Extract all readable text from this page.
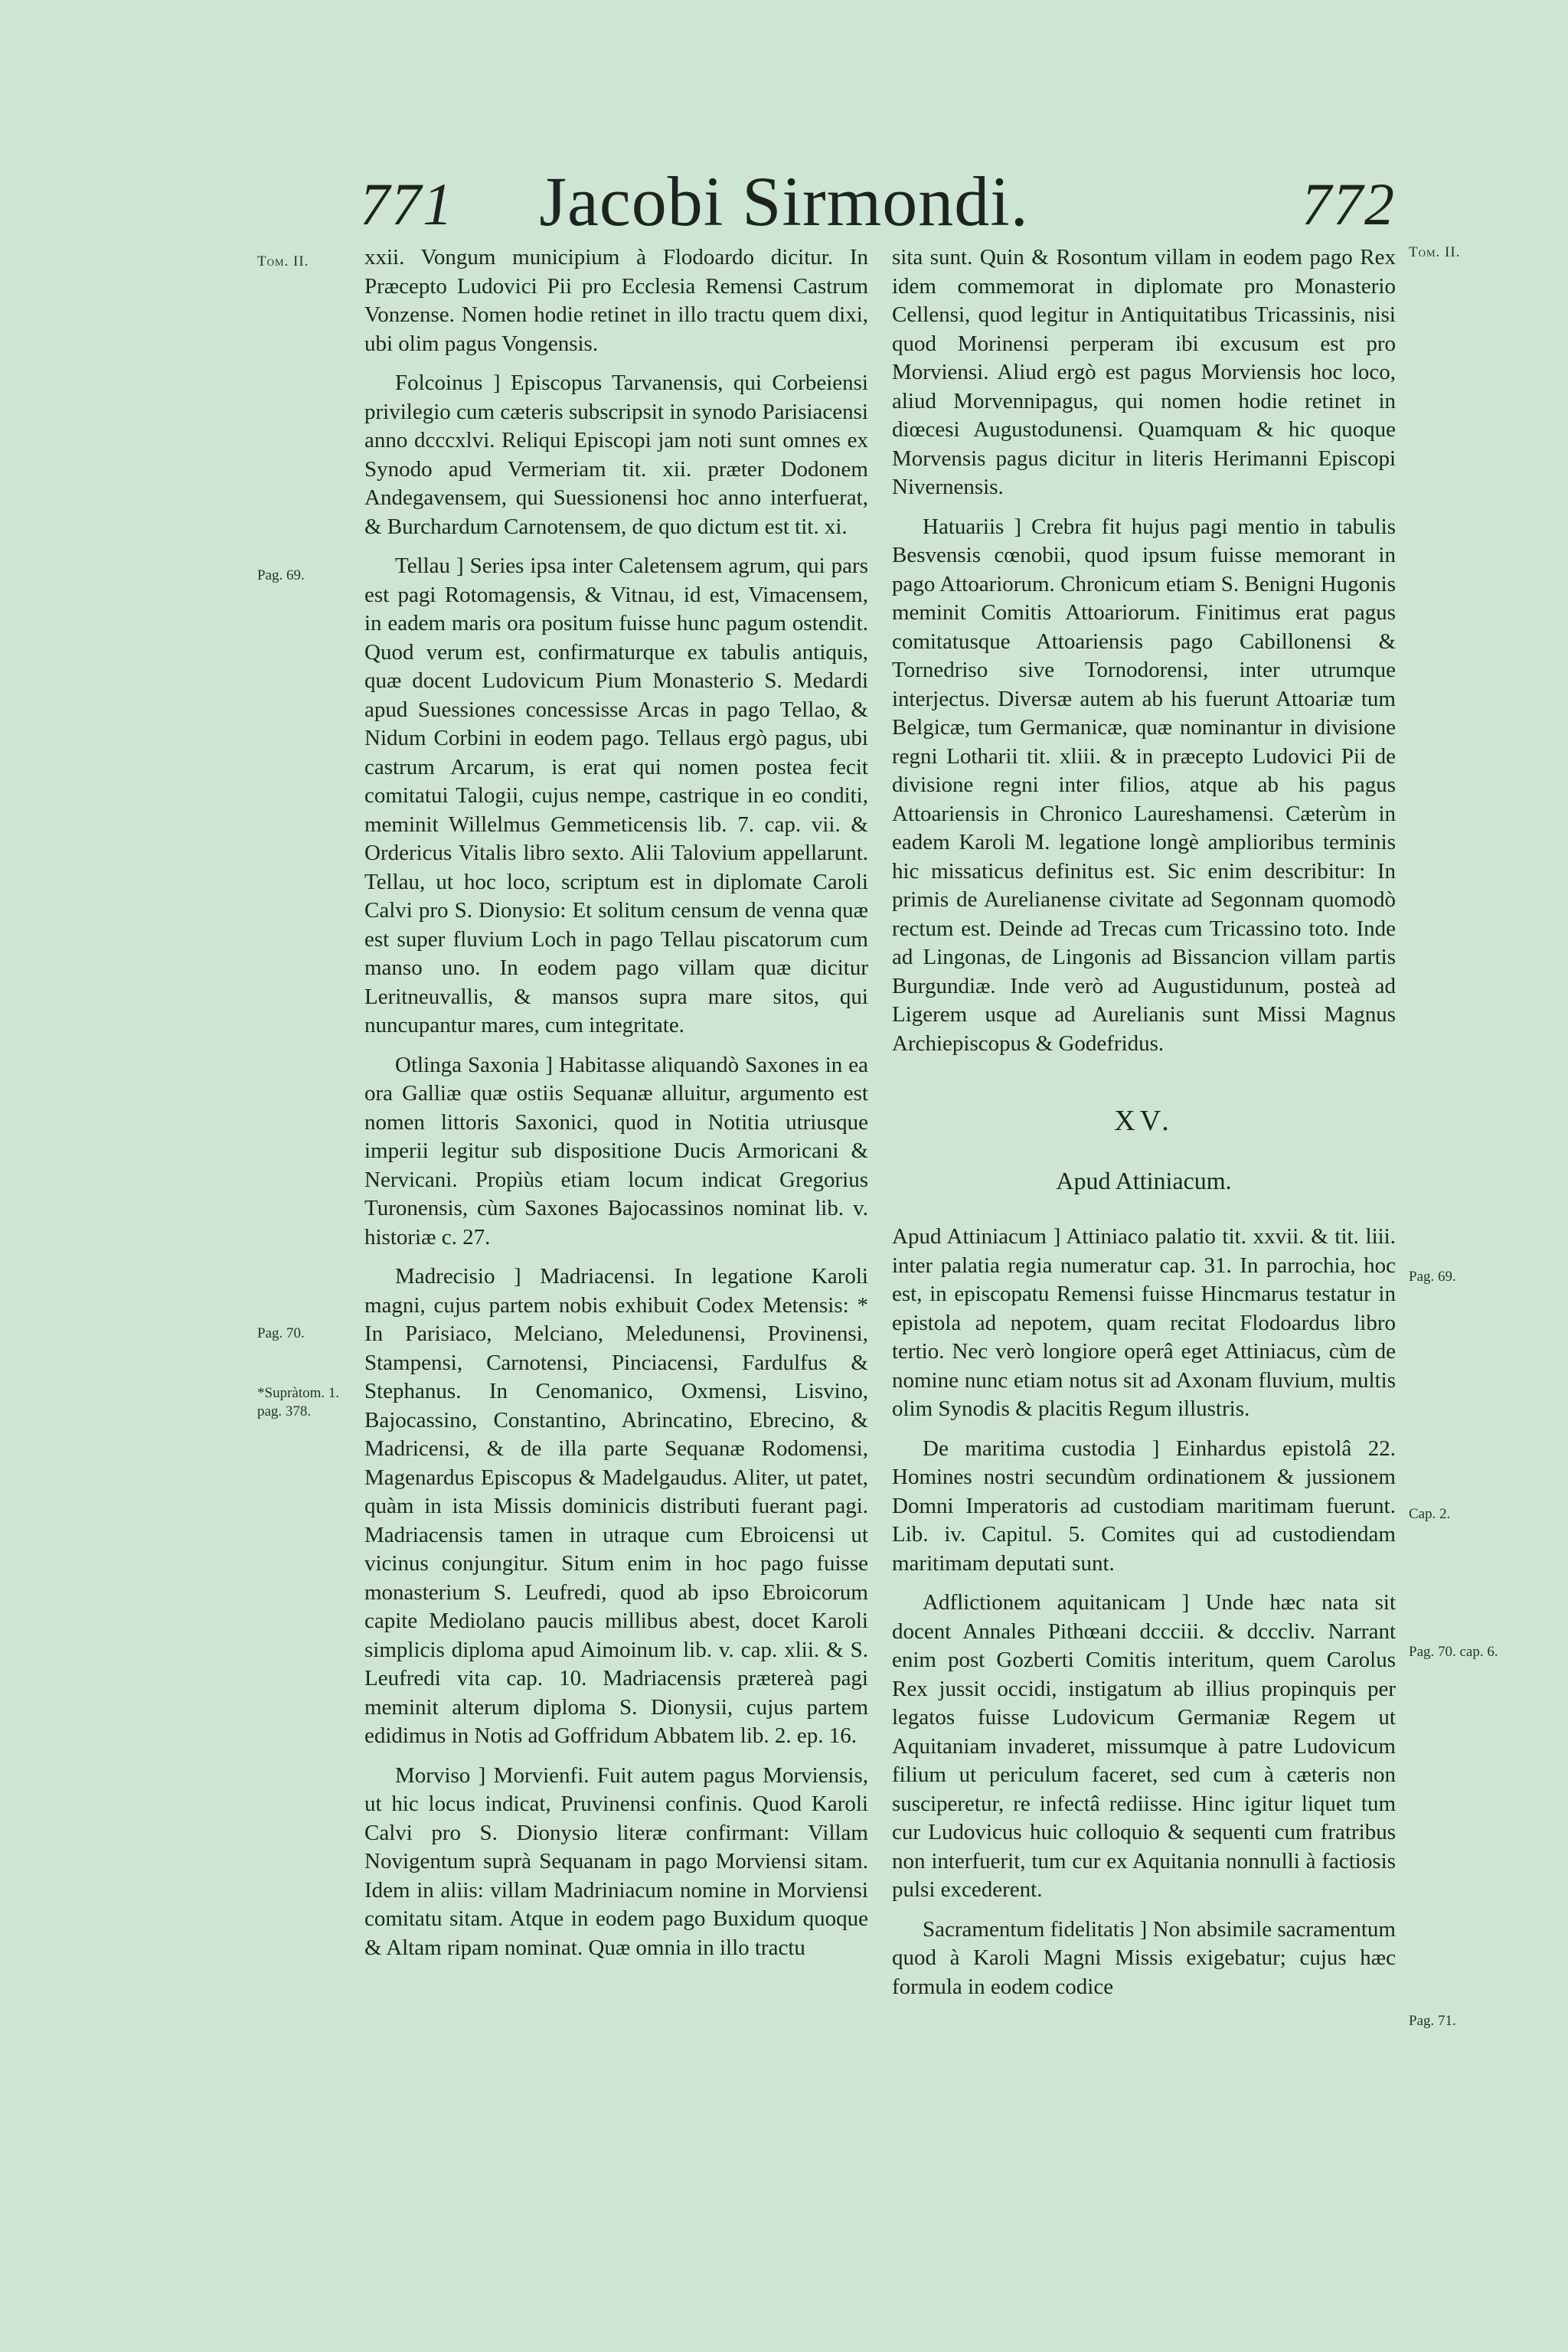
771	Jacobi Sirmondi.	772
Tom. II.
Pag. 69.
Pag. 70.
*Supràtom. 1. pag. 378.
Tom. II.
Pag. 69.
Cap. 2.
Pag. 70. cap. 6.
Pag. 71.

xxii. Vongum municipium à Flodoardo dicitur. In Præcepto Ludovici Pii pro Ecclesia Remensi Castrum Vonzense. Nomen hodie retinet in illo tractu quem dixi, ubi olim pagus Vongensis.

Folcoinus ] Episcopus Tarvanensis, qui Corbeiensi privilegio cum cæteris subscripsit in synodo Parisiacensi anno dcccxlvi. Reliqui Episcopi jam noti sunt omnes ex Synodo apud Vermeriam tit. xii. præter Dodonem Andegavensem, qui Suessionensi hoc anno interfuerat, & Burchardum Carnotensem, de quo dictum est tit. xi.

Tellau ] Series ipsa inter Caletensem agrum, qui pars est pagi Rotomagensis, & Vitnau, id est, Vimacensem, in eadem maris ora positum fuisse hunc pagum ostendit. Quod verum est, confirmaturque ex tabulis antiquis, quæ docent Ludovicum Pium Monasterio S. Medardi apud Suessiones concessisse Arcas in pago Tellao, & Nidum Corbini in eodem pago. Tellaus ergò pagus, ubi castrum Arcarum, is erat qui nomen postea fecit comitatui Talogii, cujus nempe, castrique in eo conditi, meminit Willelmus Gemmeticensis lib. 7. cap. vii. & Ordericus Vitalis libro sexto. Alii Talovium appellarunt. Tellau, ut hoc loco, scriptum est in diplomate Caroli Calvi pro S. Dionysio: Et solitum censum de venna quæ est super fluvium Loch in pago Tellau piscatorum cum manso uno. In eodem pago villam quæ dicitur Leritneuvallis, & mansos supra mare sitos, qui nuncupantur mares, cum integritate.

Otlinga Saxonia ] Habitasse aliquandò Saxones in ea ora Galliæ quæ ostiis Sequanæ alluitur, argumento est nomen littoris Saxonici, quod in Notitia utriusque imperii legitur sub dispositione Ducis Armoricani & Nervicani. Propiùs etiam locum indicat Gregorius Turonensis, cùm Saxones Bajocassinos nominat lib. v. historiæ c. 27.

Madrecisio ] Madriacensi. In legatione Karoli magni, cujus partem nobis exhibuit Codex Metensis: * In Parisiaco, Melciano, Meledunensi, Provinensi, Stampensi, Carnotensi, Pinciacensi, Fardulfus & Stephanus. In Cenomanico, Oxmensi, Lisvino, Bajocassino, Constantino, Abrincatino, Ebrecino, & Madricensi, & de illa parte Sequanæ Rodomensi, Magenardus Episcopus & Madelgaudus. Aliter, ut patet, quàm in ista Missis dominicis distributi fuerant pagi. Madriacensis tamen in utraque cum Ebroicensi ut vicinus conjungitur. Situm enim in hoc pago fuisse monasterium S. Leufredi, quod ab ipso Ebroicorum capite Mediolano paucis millibus abest, docet Karoli simplicis diploma apud Aimoinum lib. v. cap. xlii. & S. Leufredi vita cap. 10. Madriacensis prætereà pagi meminit alterum diploma S. Dionysii, cujus partem edidimus in Notis ad Goffridum Abbatem lib. 2. ep. 16.

Morviso ] Morvienfi. Fuit autem pagus Morviensis, ut hic locus indicat, Pruvinensi confinis. Quod Karoli Calvi pro S. Dionysio literæ confirmant: Villam Novigentum suprà Sequanam in pago Morviensi sitam. Idem in aliis: villam Madriniacum nomine in Morviensi comitatu sitam. Atque in eodem pago Buxidum quoque & Altam ripam nominat. Quæ omnia in illo tractu

sita sunt. Quin & Rosontum villam in eodem pago Rex idem commemorat in diplomate pro Monasterio Cellensi, quod legitur in Antiquitatibus Tricassinis, nisi quod Morinensi perperam ibi excusum est pro Morviensi. Aliud ergò est pagus Morviensis hoc loco, aliud Morvennipagus, qui nomen hodie retinet in diœcesi Augustodunensi. Quamquam & hic quoque Morvensis pagus dicitur in literis Herimanni Episcopi Nivernensis.

Hatuariis ] Crebra fit hujus pagi mentio in tabulis Besvensis cœnobii, quod ipsum fuisse memorant in pago Attoariorum. Chronicum etiam S. Benigni Hugonis meminit Comitis Attoariorum. Finitimus erat pagus comitatusque Attoariensis pago Cabillonensi & Tornedriso sive Tornodorensi, inter utrumque interjectus. Diversæ autem ab his fuerunt Attoariæ tum Belgicæ, tum Germanicæ, quæ nominantur in divisione regni Lotharii tit. xliii. & in præcepto Ludovici Pii de divisione regni inter filios, atque ab his pagus Attoariensis in Chronico Laureshamensi. Cæterùm in eadem Karoli M. legatione longè amplioribus terminis hic missaticus definitus est. Sic enim describitur: In primis de Aurelianense civitate ad Segonnam quomodò rectum est. Deinde ad Trecas cum Tricassino toto. Inde ad Lingonas, de Lingonis ad Bissancion villam partis Burgundiæ. Inde verò ad Augustidunum, posteà ad Ligerem usque ad Aurelianis sunt Missi Magnus Archiepiscopus & Godefridus.

XV.
Apud Attiniacum.

Apud Attiniacum ] Attiniaco palatio tit. xxvii. & tit. liii. inter palatia regia numeratur cap. 31. In parrochia, hoc est, in episcopatu Remensi fuisse Hincmarus testatur in epistola ad nepotem, quam recitat Flodoardus libro tertio. Nec verò longiore operâ eget Attiniacus, cùm de nomine nunc etiam notus sit ad Axonam fluvium, multis olim Synodis & placitis Regum illustris.

De maritima custodia ] Einhardus epistolâ 22. Homines nostri secundùm ordinationem & jussionem Domni Imperatoris ad custodiam maritimam fuerunt. Lib. iv. Capitul. 5. Comites qui ad custodiendam maritimam deputati sunt.

Adflictionem aquitanicam ] Unde hæc nata sit docent Annales Pithœani dccciii. & dcccliv. Narrant enim post Gozberti Comitis interitum, quem Carolus Rex jussit occidi, instigatum ab illius propinquis per legatos fuisse Ludovicum Germaniæ Regem ut Aquitaniam invaderet, missumque à patre Ludovicum filium ut periculum faceret, sed cum à cæteris non susciperetur, re infectâ rediisse. Hinc igitur liquet tum cur Ludovicus huic colloquio & sequenti cum fratribus non interfuerit, tum cur ex Aquitania nonnulli à factiosis pulsi excederent.

Sacramentum fidelitatis ] Non absimile sacramentum quod à Karoli Magni Missis exigebatur; cujus hæc formula in eodem codice
